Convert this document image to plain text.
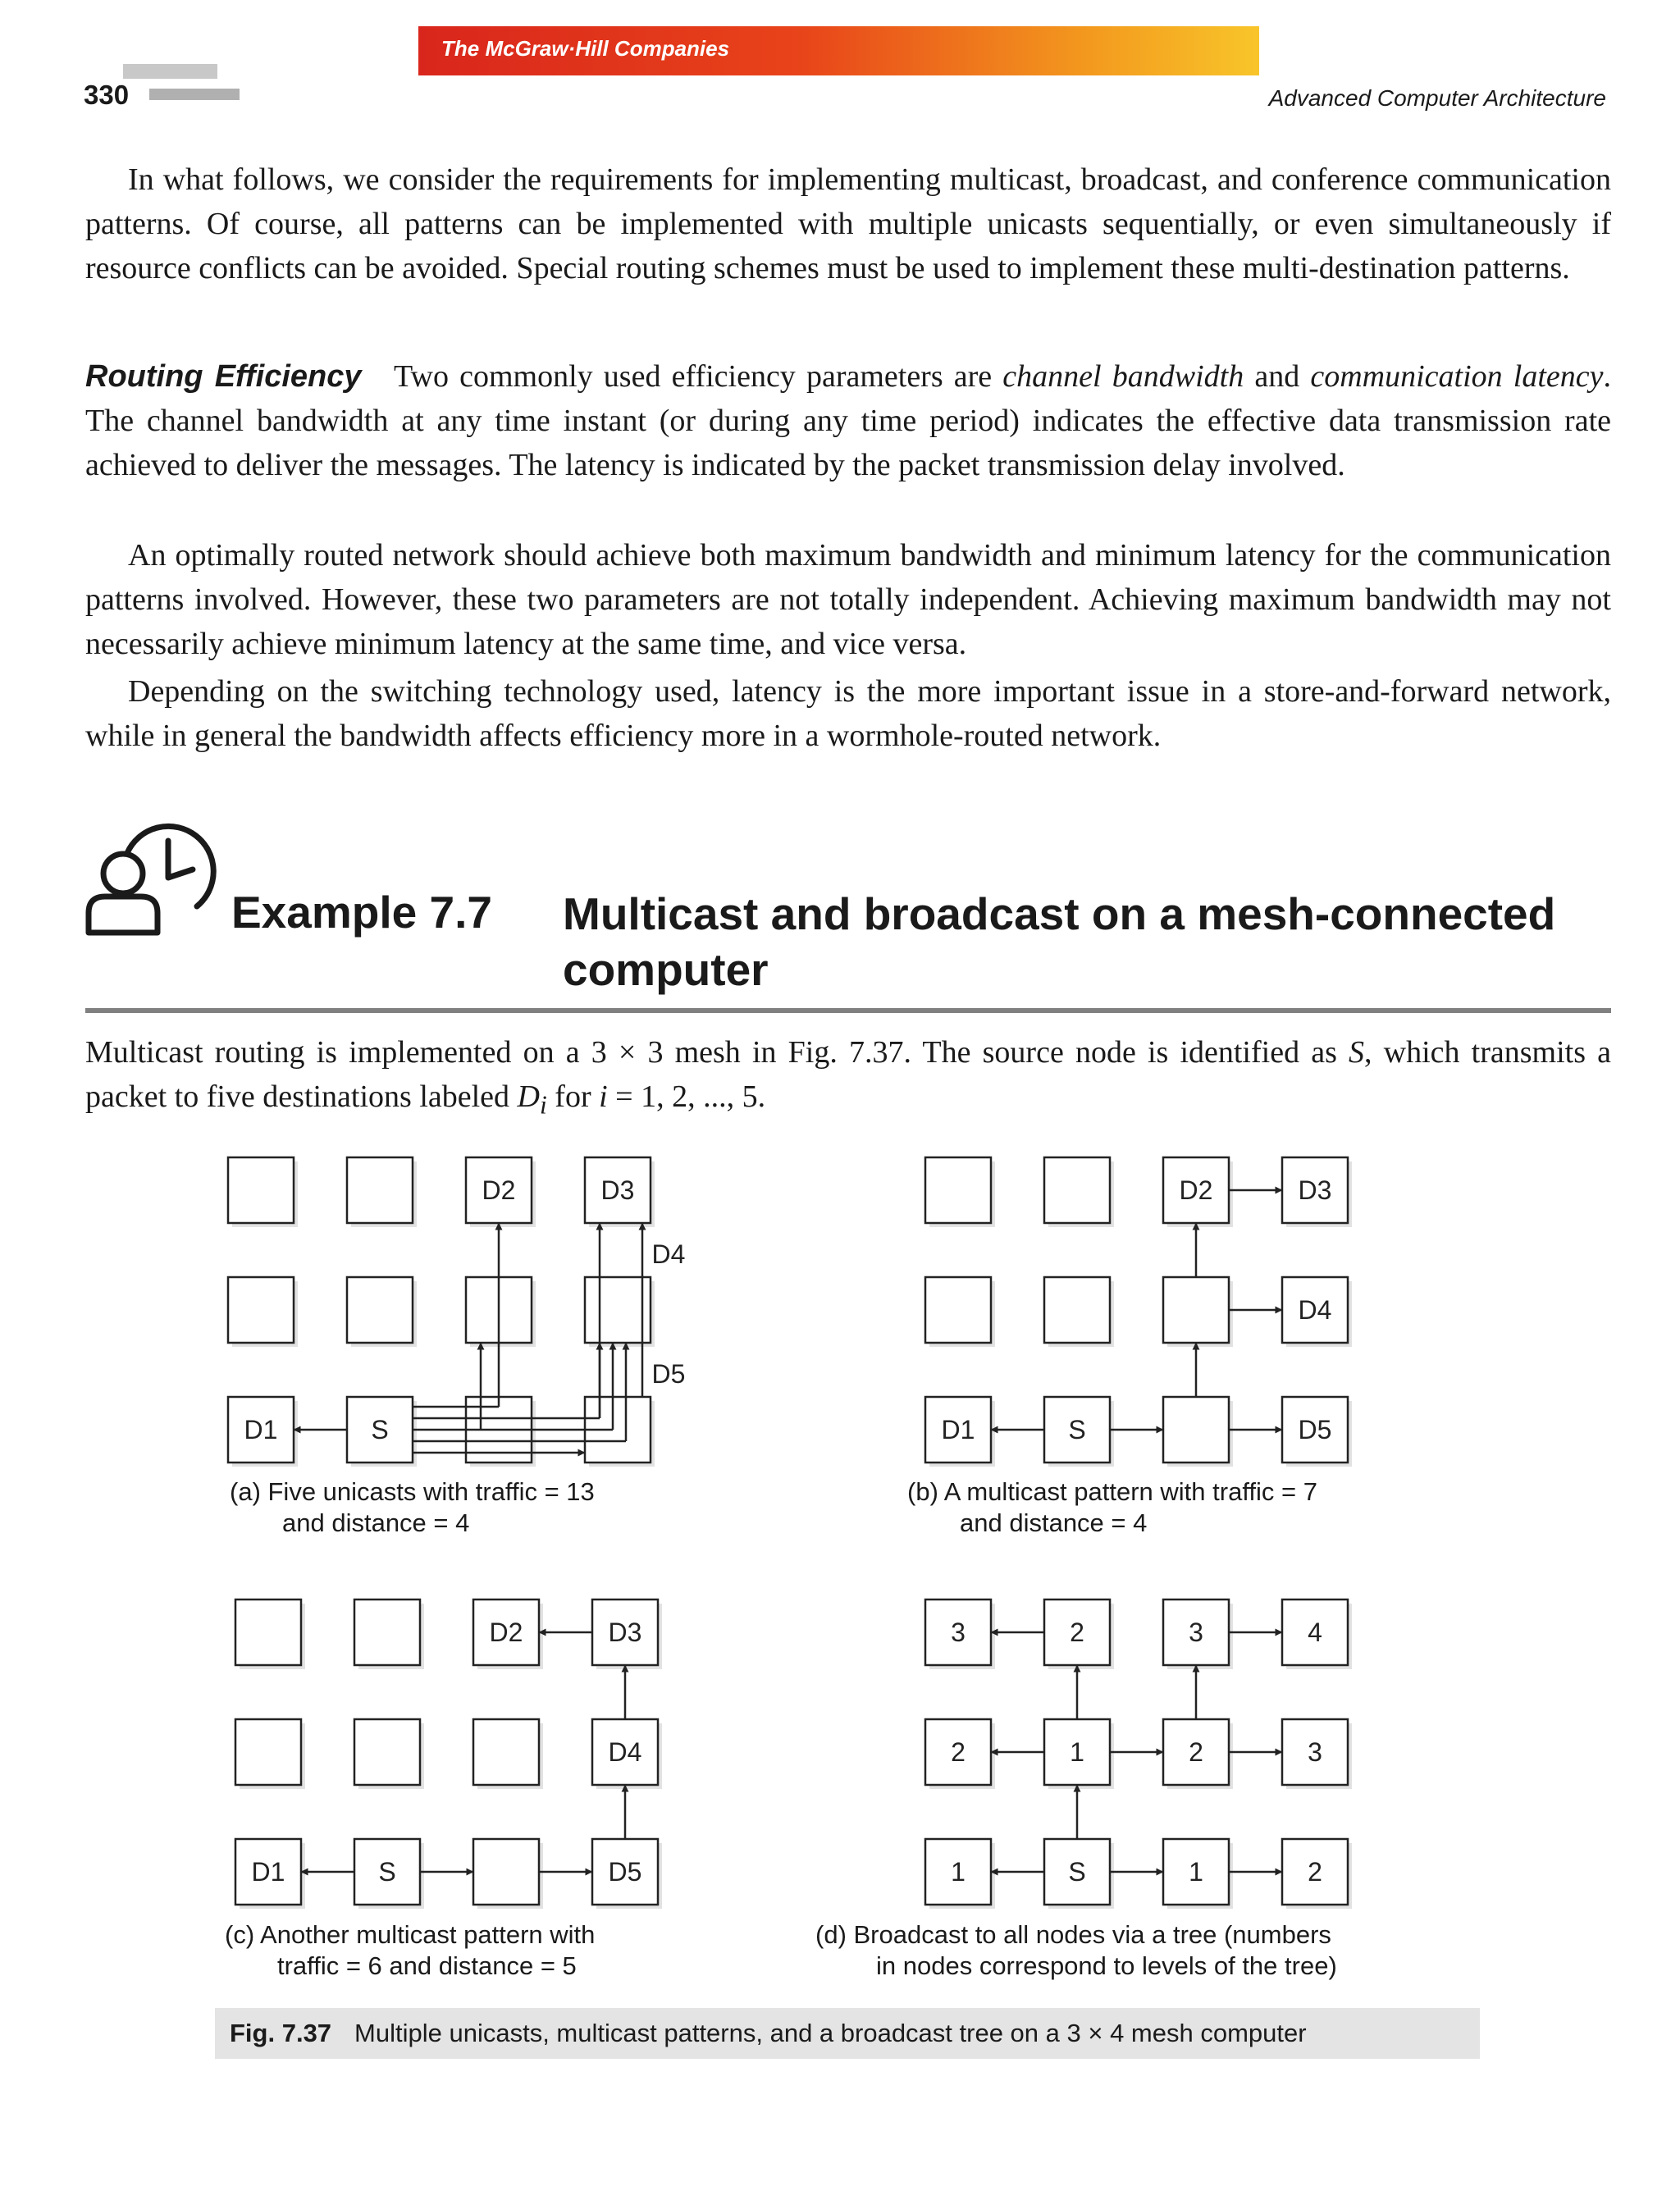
The McGraw·Hill Companies
330	Advanced Computer Architecture
In what follows, we consider the requirements for implementing multicast, broadcast, and conference communication patterns. Of course, all patterns can be implemented with multiple unicasts sequentially, or even simultaneously if resource conflicts can be avoided. Special routing schemes must be used to implement these multi-destination patterns.
Routing Efficiency Two commonly used efficiency parameters are channel bandwidth and communication latency. The channel bandwidth at any time instant (or during any time period) indicates the effective data transmission rate achieved to deliver the messages. The latency is indicated by the packet transmission delay involved.
An optimally routed network should achieve both maximum bandwidth and minimum latency for the communication patterns involved. However, these two parameters are not totally independent. Achieving maximum bandwidth may not necessarily achieve minimum latency at the same time, and vice versa.
Depending on the switching technology used, latency is the more important issue in a store-and-forward network, while in general the bandwidth affects efficiency more in a wormhole-routed network.
Example 7.7 Multicast and broadcast on a mesh-connected computer
Multicast routing is implemented on a 3 × 3 mesh in Fig. 7.37. The source node is identified as S, which transmits a packet to five destinations labeled $D_i$ for i = 1, 2, ..., 5.
D2	D3
D1	S
D2	D3
D4
D1	S	D5
D2	D3
D4
D1	S	D5
3	2	3	4
2	1	2	3
1	S	1	2
D4
D5
(a) Five unicasts with traffic = 13
and distance = 4
(b) A multicast pattern with traffic = 7
and distance = 4
(c) Another multicast pattern with
traffic = 6 and distance = 5
(d) Broadcast to all nodes via a tree (numbers
in nodes correspond to levels of the tree)
Fig. 7.37 Multiple unicasts, multicast patterns, and a broadcast tree on a 3 × 4 mesh computer
